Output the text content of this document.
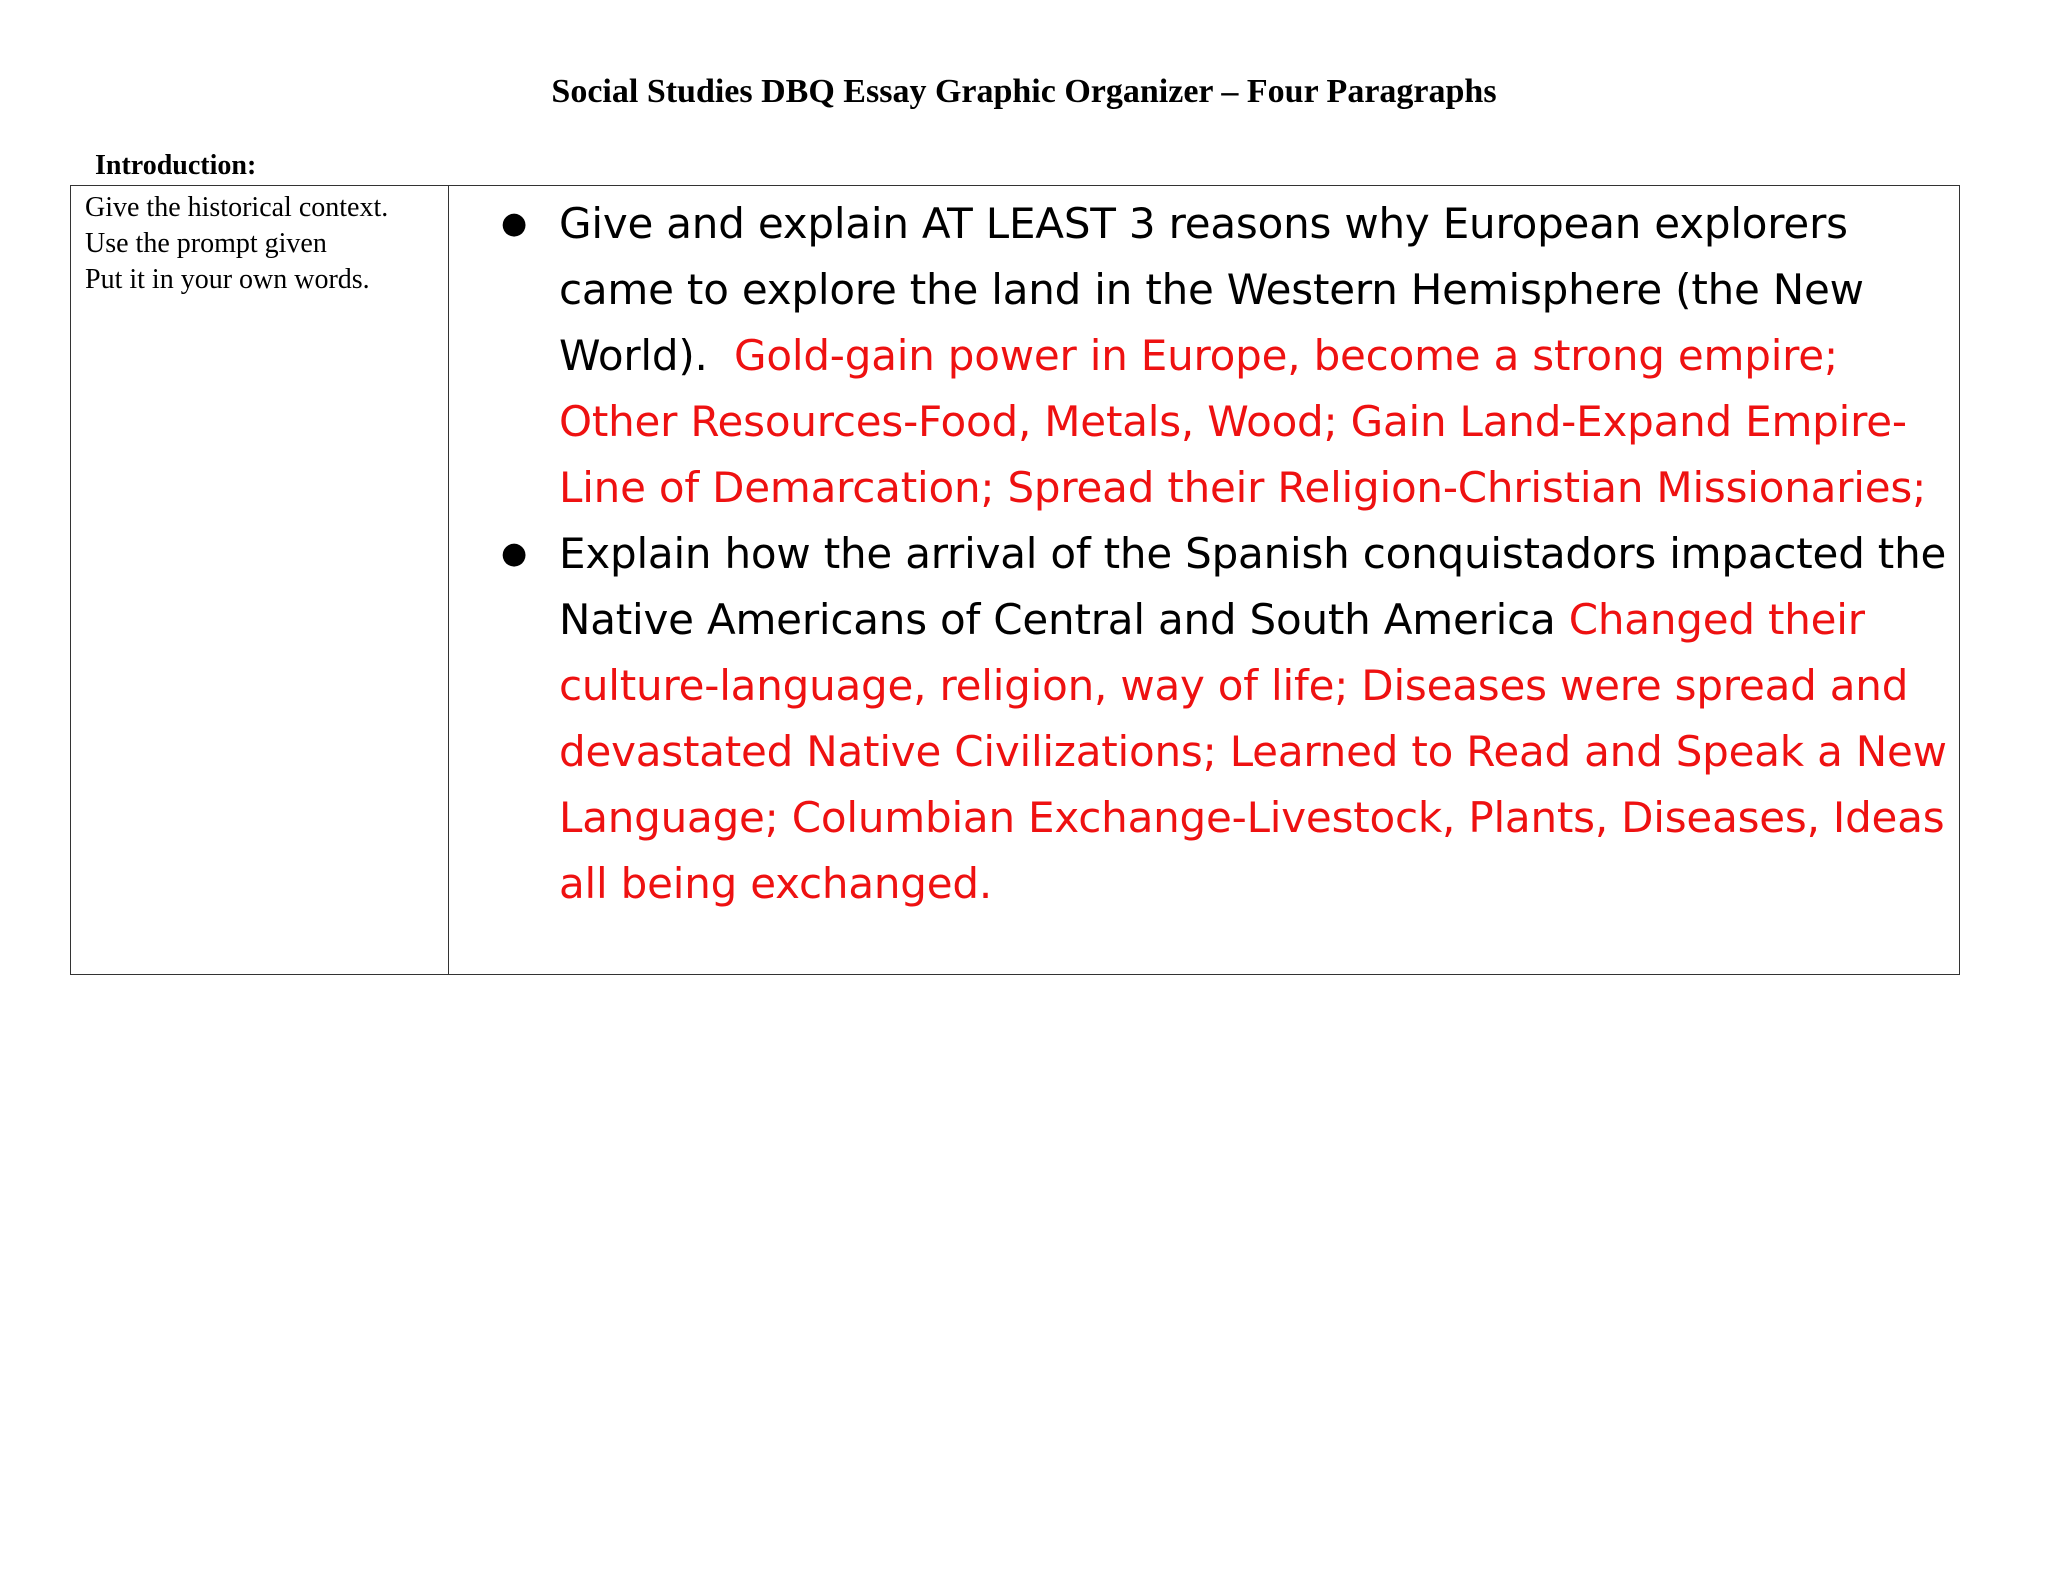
Social Studies DBQ Essay Graphic Organizer – Four Paragraphs
Introduction:
Give the historical context.
Use the prompt given
Put it in your own words.
● Give and explain AT LEAST 3 reasons why European explorers came to explore the land in the Western Hemisphere (the New World). Gold-gain power in Europe, become a strong empire; Other Resources-Food, Metals, Wood; Gain Land-Expand Empire-Line of Demarcation; Spread their Religion-Christian Missionaries;
● Explain how the arrival of the Spanish conquistadors impacted the Native Americans of Central and South America Changed their culture-language, religion, way of life; Diseases were spread and devastated Native Civilizations; Learned to Read and Speak a New Language; Columbian Exchange-Livestock, Plants, Diseases, Ideas all being exchanged.
